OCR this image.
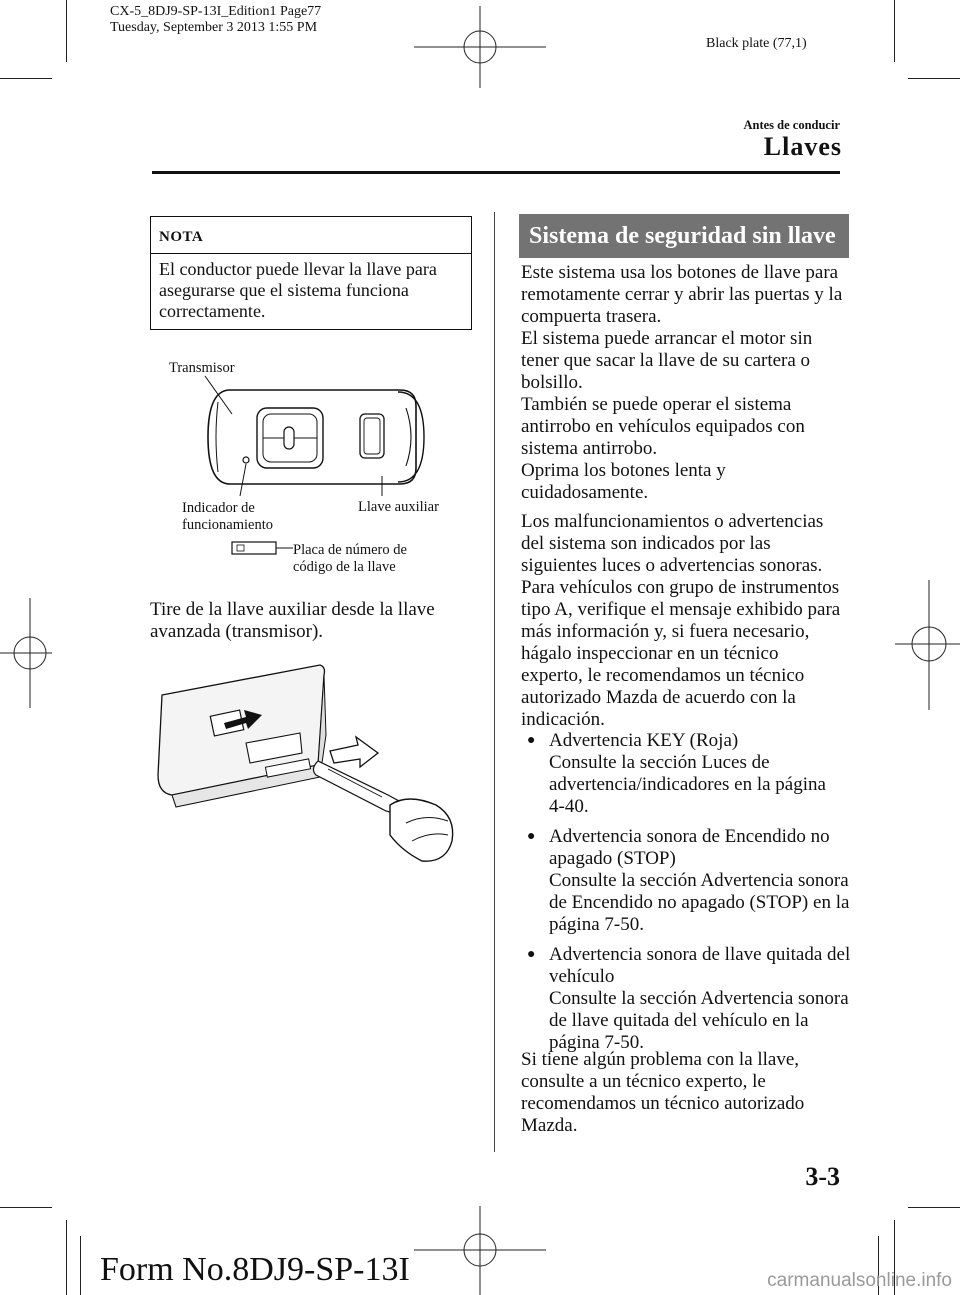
CX-5_8DJ9-SP-13I_Edition1 Page77
Tuesday, September 3 2013 1:55 PM
Black plate (77,1)
Antes de conducir
Llaves
NOTA
El conductor puede llevar la llave para
asegurarse que el sistema funciona
correctamente.
Transmisor
Indicador de
funcionamiento
Llave auxiliar
Placa de número de
código de la llave
Tire de la llave auxiliar desde la llave
avanzada (transmisor).
Sistema de seguridad sin llave
Este sistema usa los botones de llave para
remotamente cerrar y abrir las puertas y la
compuerta trasera.
El sistema puede arrancar el motor sin
tener que sacar la llave de su cartera o
bolsillo.
También se puede operar el sistema
antirrobo en vehículos equipados con
sistema antirrobo.
Oprima los botones lenta y
cuidadosamente.
Los malfuncionamientos o advertencias
del sistema son indicados por las
siguientes luces o advertencias sonoras.
Para vehículos con grupo de instrumentos
tipo A, verifique el mensaje exhibido para
más información y, si fuera necesario,
hágalo inspeccionar en un técnico
experto, le recomendamos un técnico
autorizado Mazda de acuerdo con la
indicación.
● Advertencia KEY (Roja)
Consulte la sección Luces de
advertencia/indicadores en la página
4-40.
● Advertencia sonora de Encendido no
apagado (STOP)
Consulte la sección Advertencia sonora
de Encendido no apagado (STOP) en la
página 7-50.
● Advertencia sonora de llave quitada del
vehículo
Consulte la sección Advertencia sonora
de llave quitada del vehículo en la
página 7-50.
Si tiene algún problema con la llave,
consulte a un técnico experto, le
recomendamos un técnico autorizado
Mazda.
3-3
Form No.8DJ9-SP-13I	carmanualsonline.info
